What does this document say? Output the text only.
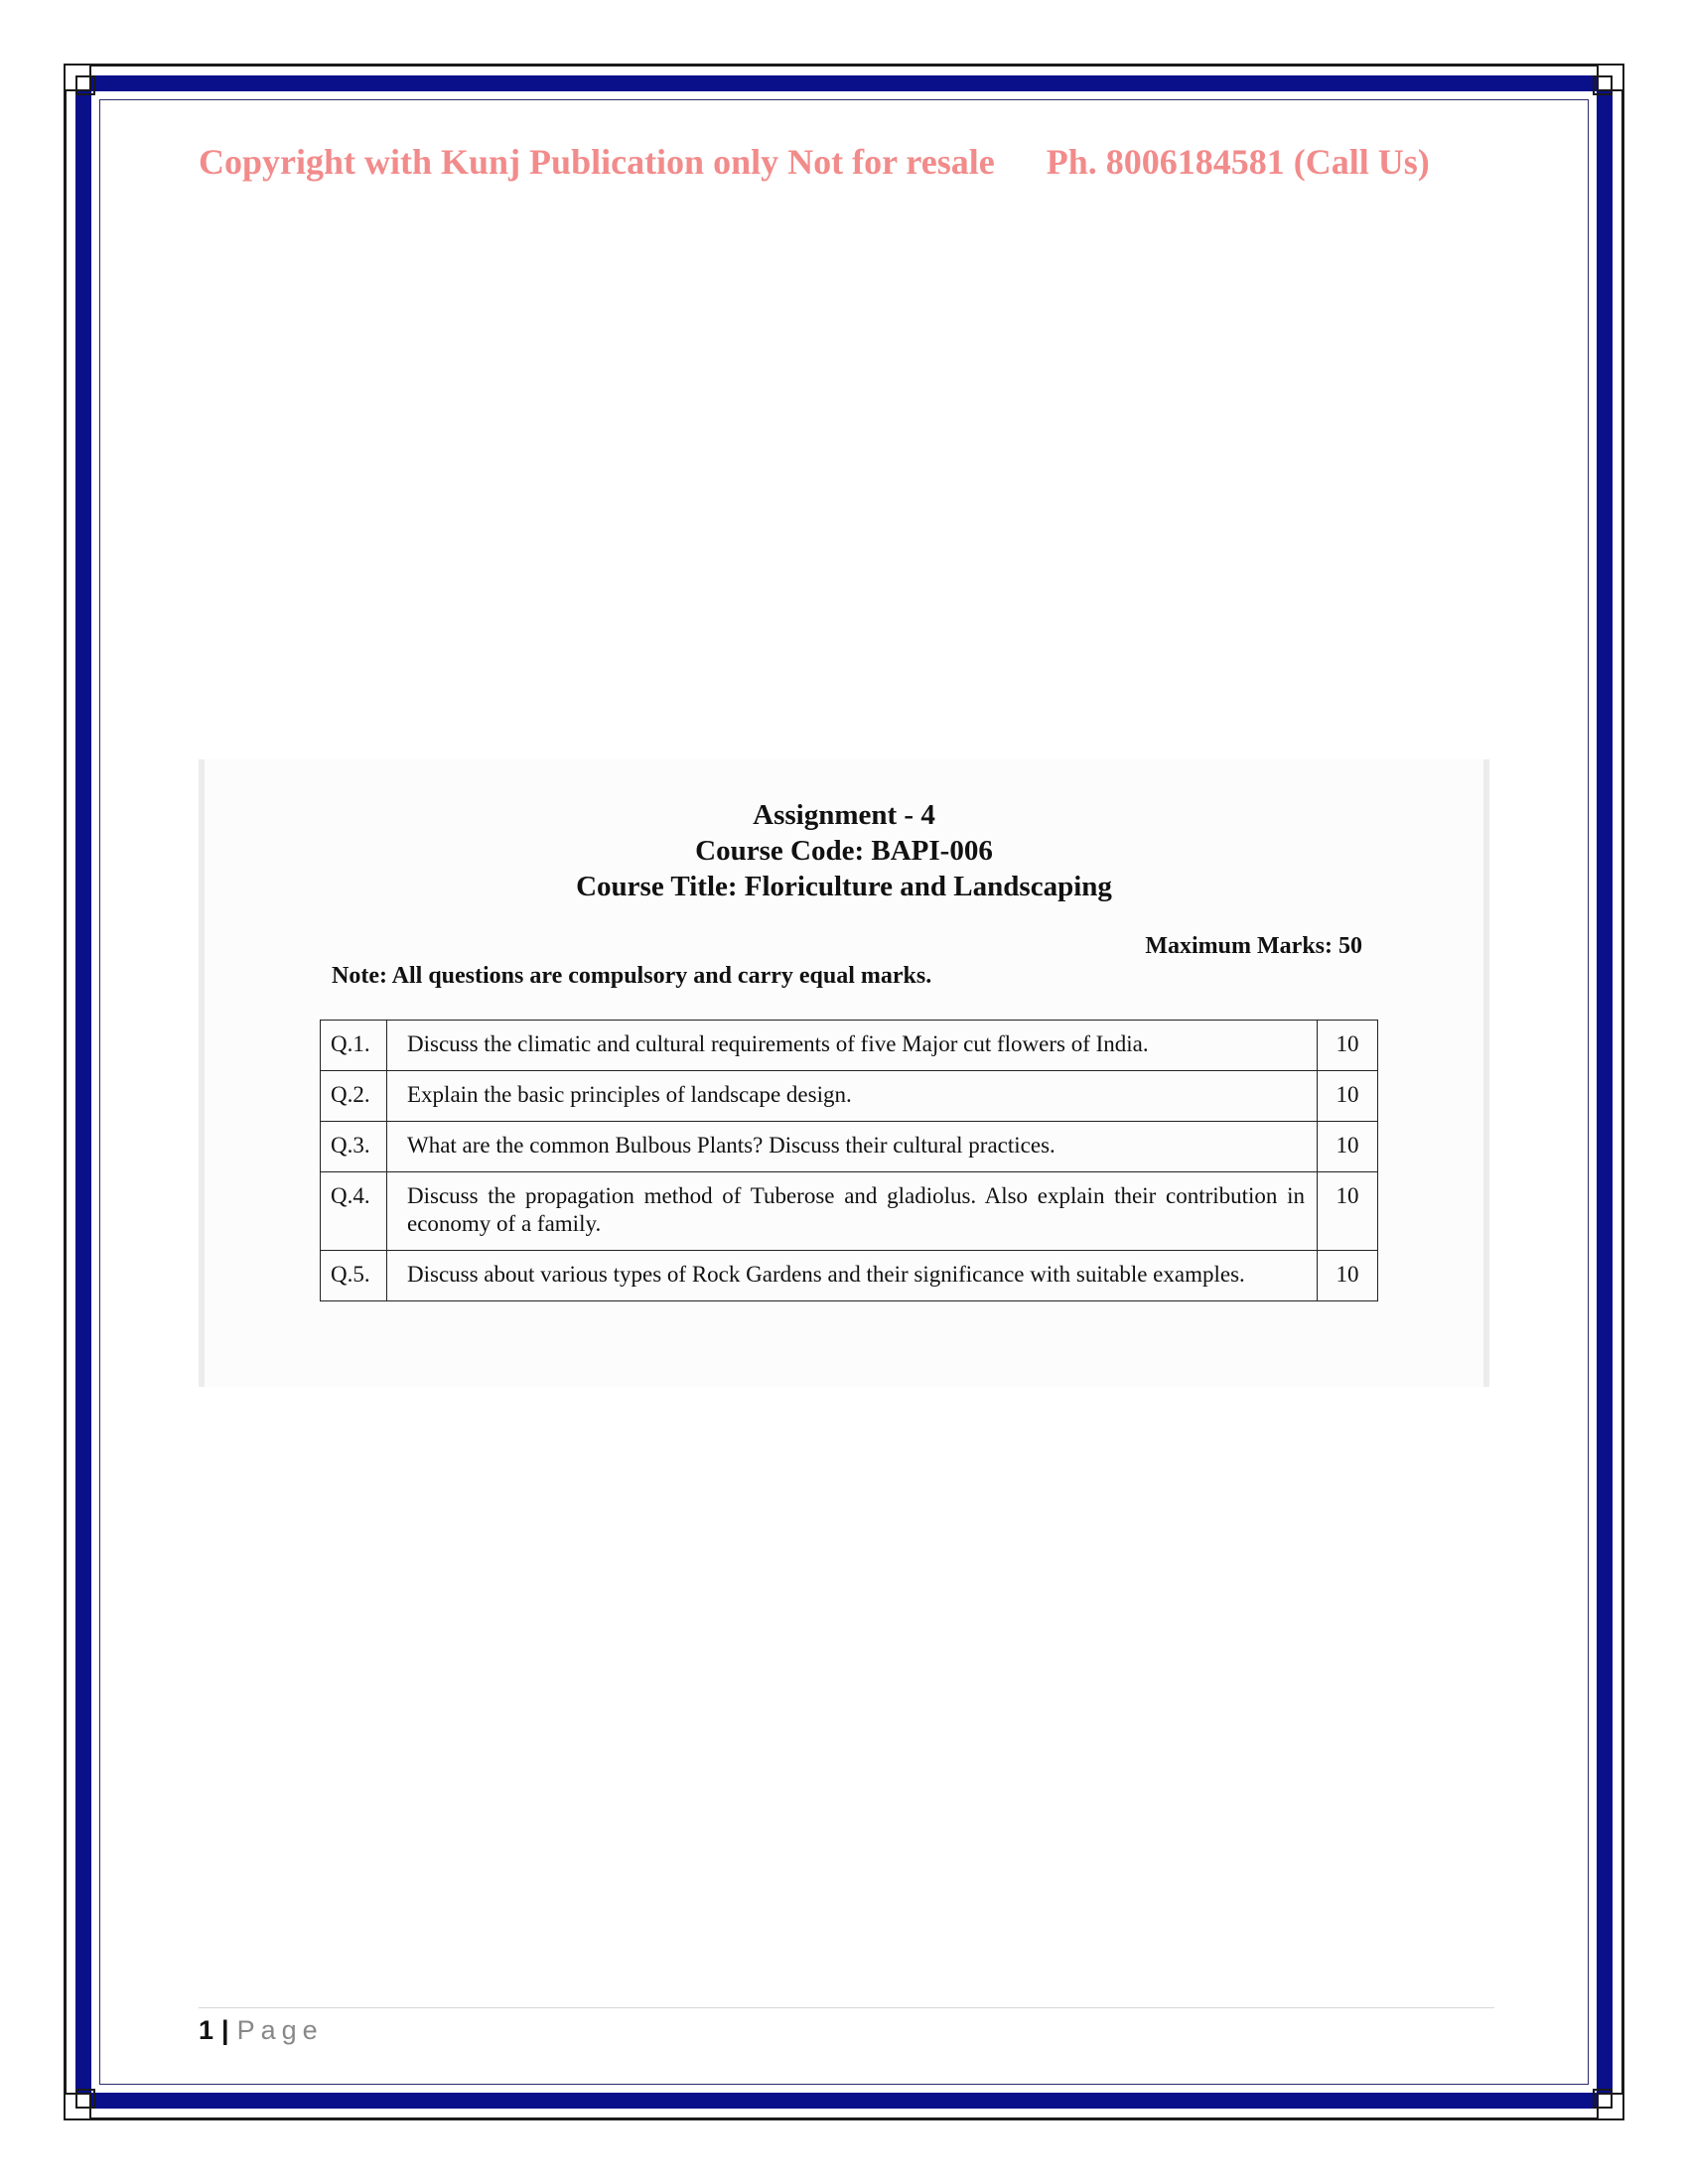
Copyright with Kunj Publication only Not for resale Ph. 8006184581 (Call Us)
Assignment - 4
Course Code: BAPI-006
Course Title: Floriculture and Landscaping
Maximum Marks: 50
Note: All questions are compulsory and carry equal marks.
Q.1.	Discuss the climatic and cultural requirements of five Major cut flowers of India.	10
Q.2.	Explain the basic principles of landscape design.	10
Q.3.	What are the common Bulbous Plants? Discuss their cultural practices.	10
Q.4.	Discuss the propagation method of Tuberose and gladiolus. Also explain their contribution in economy of a family.	10
Q.5.	Discuss about various types of Rock Gardens and their significance with suitable examples.	10
1 | Page
